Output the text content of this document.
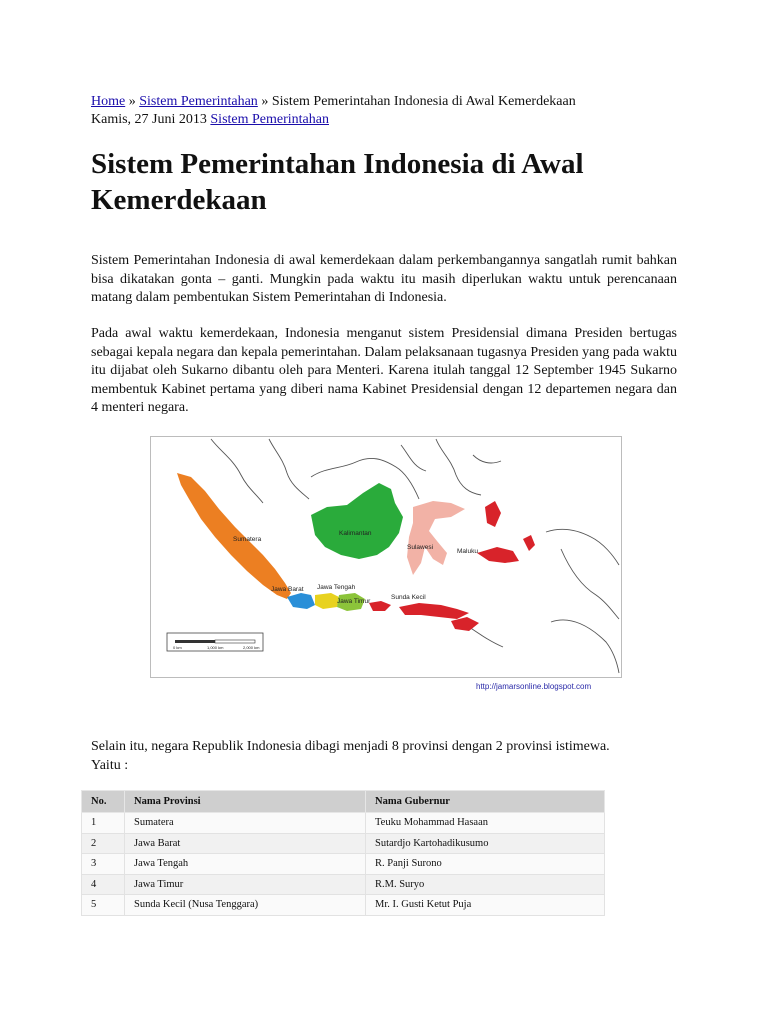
Home » Sistem Pemerintahan » Sistem Pemerintahan Indonesia di Awal Kemerdekaan
Kamis, 27 Juni 2013 Sistem Pemerintahan
Sistem Pemerintahan Indonesia di Awal
Kemerdekaan

Sistem Pemerintahan Indonesia di awal kemerdekaan dalam perkembangannya sangatlah rumit bahkan bisa dikatakan gonta – ganti. Mungkin pada waktu itu masih diperlukan waktu untuk perencanaan matang dalam pembentukan Sistem Pemerintahan di Indonesia.

Pada awal waktu kemerdekaan, Indonesia menganut sistem Presidensial dimana Presiden bertugas sebagai kepala negara dan kepala pemerintahan. Dalam pelaksanaan tugasnya Presiden yang pada waktu itu dijabat oleh Sukarno dibantu oleh para Menteri. Karena itulah tanggal 12 September 1945 Sukarno membentuk Kabinet pertama yang diberi nama Kabinet Presidensial dengan 12 departemen negara dan 4 menteri negara.

Sumatera
Kalimantan
Sulawesi
Maluku
Jawa Barat Jawa Tengah
Jawa Timur
Sunda Kecil
0 km	1,000 km	2,000 km
http://jamarsonline.blogspot.com

Selain itu, negara Republik Indonesia dibagi menjadi 8 provinsi dengan 2 provinsi istimewa.
Yaitu :

No.	Nama Provinsi	Nama Gubernur
1	Sumatera	Teuku Mohammad Hasaan
2	Jawa Barat	Sutardjo Kartohadikusumo
3	Jawa Tengah	R. Panji Surono
4	Jawa Timur	R.M. Suryo
5	Sunda Kecil (Nusa Tenggara)	Mr. I. Gusti Ketut Puja
